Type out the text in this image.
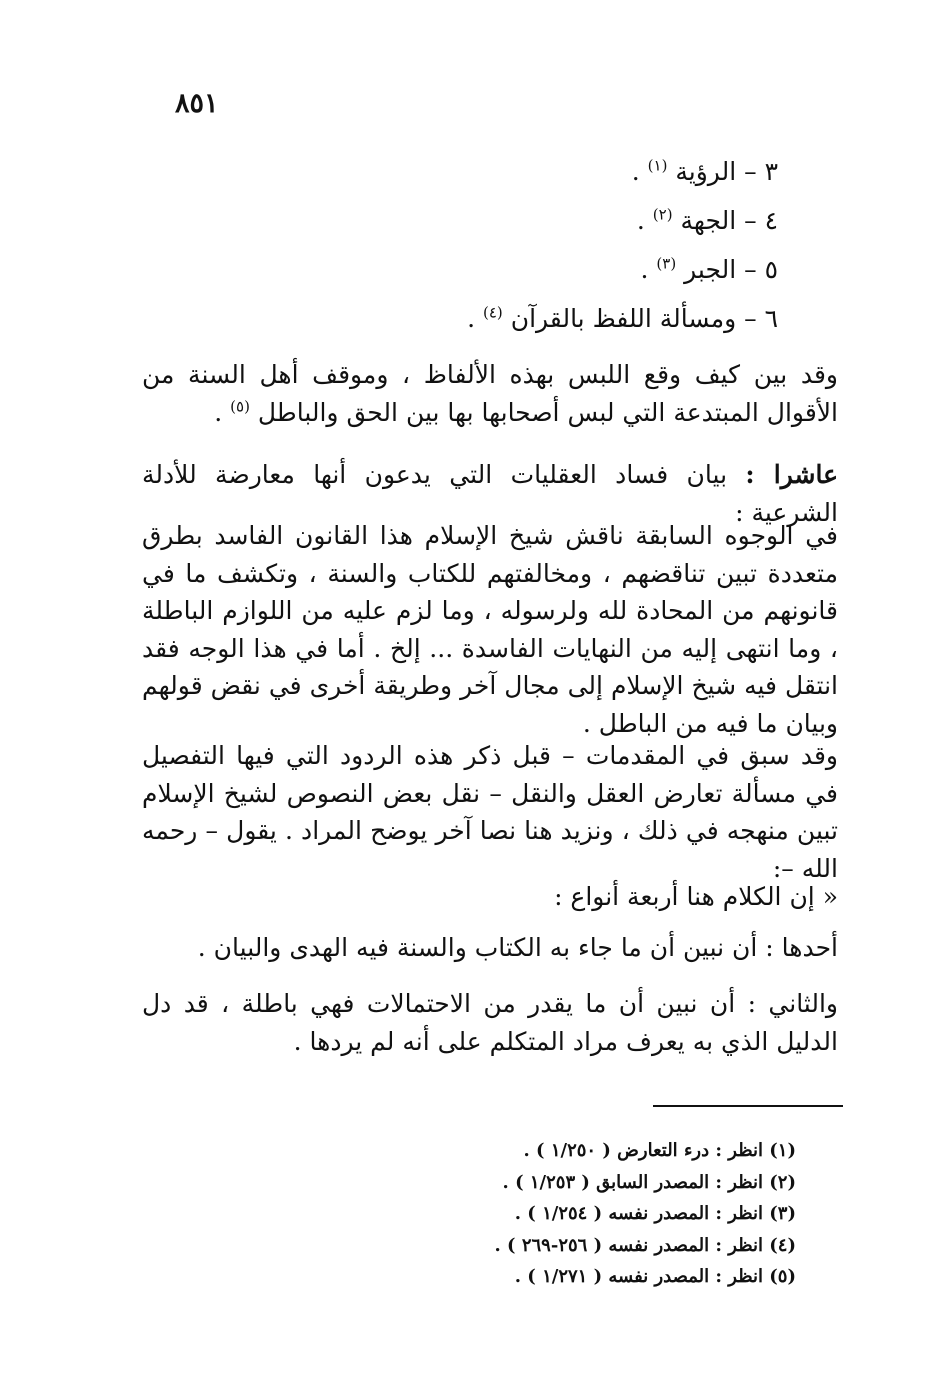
٨٥١
٣ – الرؤية $^{(١)}$ .
٤ – الجهة $^{(٢)}$ .
٥ – الجبر $^{(٣)}$ .
٦ – ومسألة اللفظ بالقرآن $^{(٤)}$ .
وقد بين كيف وقع اللبس بهذه الألفاظ ، وموقف أهل السنة من الأقوال المبتدعة التي لبس أصحابها بها بين الحق والباطل $^{(٥)}$ .
عاشرا : بيان فساد العقليات التي يدعون أنها معارضة للأدلة الشرعية :
في الوجوه السابقة ناقش شيخ الإسلام هذا القانون الفاسد بطرق متعددة تبين تناقضهم ، ومخالفتهم للكتاب والسنة ، وتكشف ما في قانونهم من المحادة لله ولرسوله ، وما لزم عليه من اللوازم الباطلة ، وما انتهى إليه من النهايات الفاسدة ... إلخ . أما في هذا الوجه فقد انتقل فيه شيخ الإسلام إلى مجال آخر وطريقة أخرى في نقض قولهم وبيان ما فيه من الباطل .
وقد سبق في المقدمات – قبل ذكر هذه الردود التي فيها التفصيل في مسألة تعارض العقل والنقل – نقل بعض النصوص لشيخ الإسلام تبين منهجه في ذلك ، ونزيد هنا نصا آخر يوضح المراد . يقول – رحمه الله –:
« إن الكلام هنا أربعة أنواع :
أحدها : أن نبين أن ما جاء به الكتاب والسنة فيه الهدى والبيان .
والثاني : أن نبين أن ما يقدر من الاحتمالات فهي باطلة ، قد دل الدليل الذي به يعرف مراد المتكلم على أنه لم يردها .
(١) انظر : درء التعارض ( ١/٢٥٠ ) .
(٢) انظر : المصدر السابق ( ١/٢٥٣ ) .
(٣) انظر : المصدر نفسه ( ١/٢٥٤ ) .
(٤) انظر : المصدر نفسه ( ٢٥٦-٢٦٩ ) .
(٥) انظر : المصدر نفسه ( ١/٢٧١ ) .
